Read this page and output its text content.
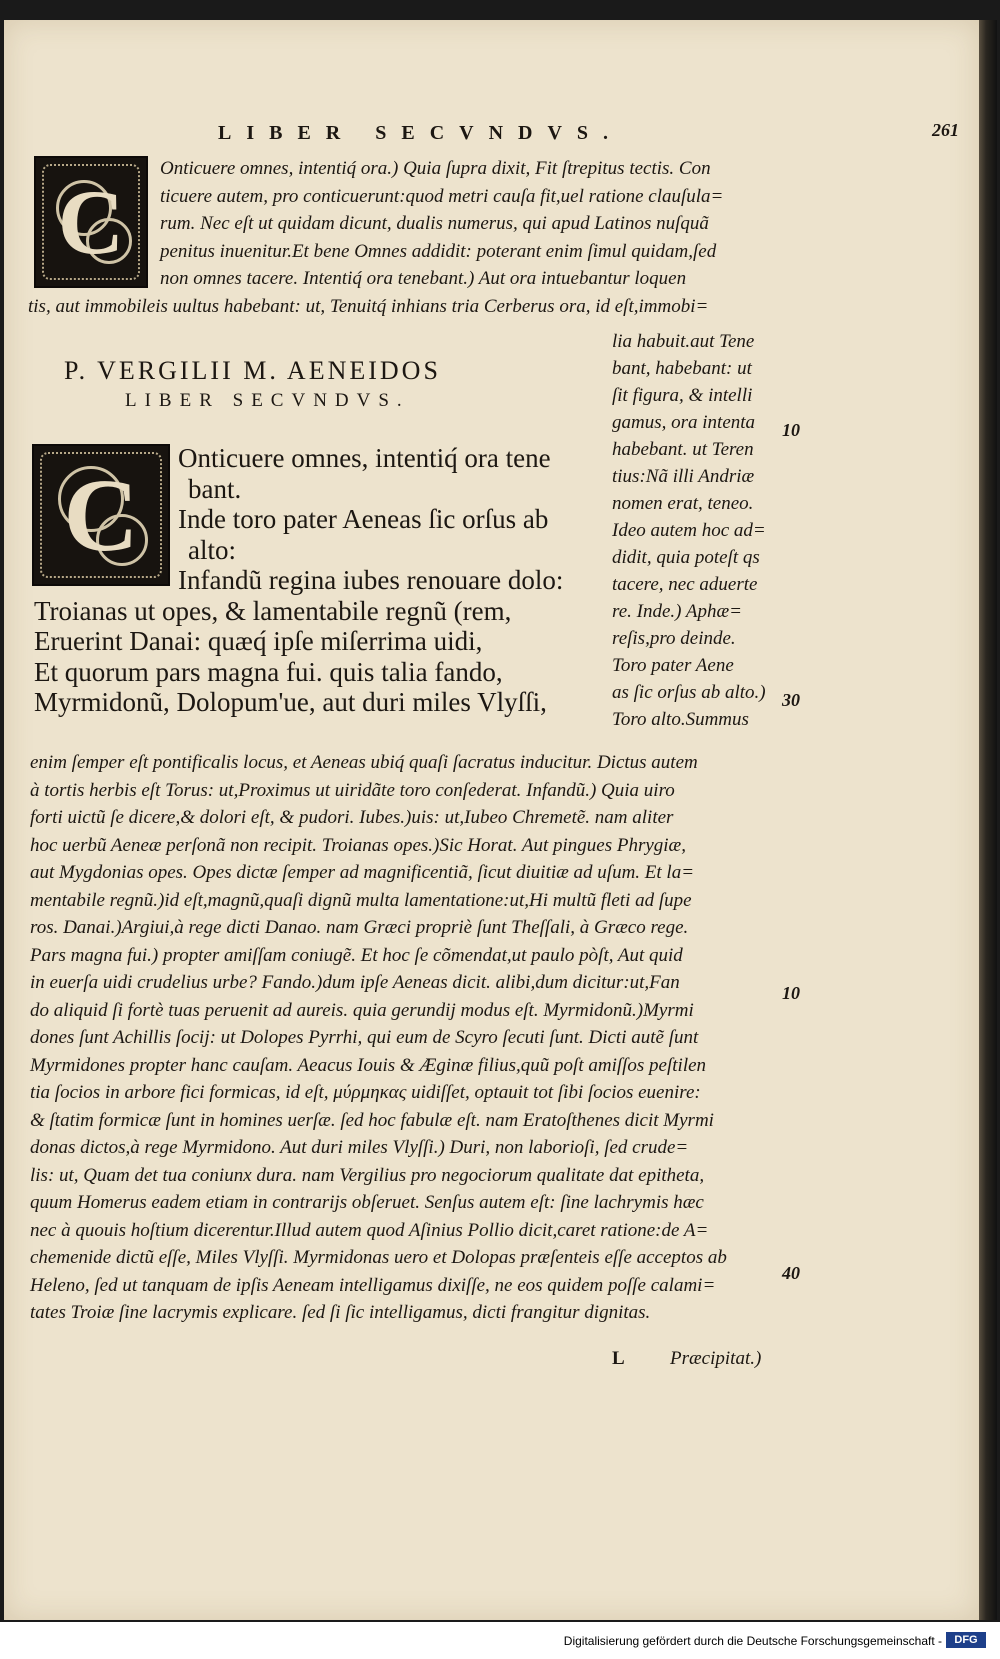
LIBER SECVNDVS.	261
C
Onticuere omnes, intentiq́ ora.) Quia ſupra dixit, Fit ſtrepitus tectis. Con
ticuere autem, pro conticuerunt:quod metri cauſa fit,uel ratione clauſula=
rum. Nec eſt ut quidam dicunt, dualis numerus, qui apud Latinos nuſquã
penitus inuenitur.Et bene Omnes addidit: poterant enim ſimul quidam,ſed
non omnes tacere. Intentiq́ ora tenebant.) Aut ora intuebantur loquen
tis, aut immobileis uultus habebant: ut, Tenuitq́ inhians tria Cerberus ora, id eſt,immobi=
P. VERGILII M. AENEIDOS
LIBER SECVNDVS.
C	Onticuere omnes, intentiq́ ora tene
bant.
Inde toro pater Aeneas ſic orſus ab
alto:
Infandũ regina iubes renouare dolo:
Troianas ut opes, & lamentabile regnũ (rem,
Eruerint Danai: quæq́ ipſe miſerrima uidi,
Et quorum pars magna fui. quis talia fando,
Myrmidonũ, Dolopum'ue, aut duri miles Vlyſſi,
lia habuit.aut Tene
bant, habebant: ut
ſit figura, & intelli
gamus, ora intenta
habebant. ut Teren
tius:Nã illi Andriæ
nomen erat, teneo.
Ideo autem hoc ad=
didit, quia poteſt qs
tacere, nec aduerte
re. Inde.) Aphæ=
reſis,pro deinde.
Toro pater Aene
as ſic orſus ab alto.)
Toro alto.Summus
10
30
10
40
enim ſemper eſt pontificalis locus, et Aeneas ubiq́ quaſi ſacratus inducitur. Dictus autem
à tortis herbis eſt Torus: ut,Proximus ut uiridãte toro conſederat. Infandũ.) Quia uiro
forti uictũ ſe dicere,& dolori eſt, & pudori. Iubes.)uis: ut,Iubeo Chremetẽ. nam aliter
hoc uerbũ Aeneæ perſonã non recipit. Troianas opes.)Sic Horat. Aut pingues Phrygiæ,
aut Mygdonias opes. Opes dictæ ſemper ad magnificentiã, ſicut diuitiæ ad uſum. Et la=
mentabile regnũ.)id eſt,magnũ,quaſi dignũ multa lamentatione:ut,Hi multũ fleti ad ſupe
ros. Danai.)Argiui,à rege dicti Danao. nam Græci propriè ſunt Theſſali, à Græco rege.
Pars magna fui.) propter amiſſam coniugẽ. Et hoc ſe cõmendat,ut paulo pòſt, Aut quid
in euerſa uidi crudelius urbe? Fando.)dum ipſe Aeneas dicit. alibi,dum dicitur:ut,Fan
do aliquid ſi fortè tuas peruenit ad aureis. quia gerundij modus eſt. Myrmidonũ.)Myrmi
dones ſunt Achillis ſocij: ut Dolopes Pyrrhi, qui eum de Scyro ſecuti ſunt. Dicti autẽ ſunt
Myrmidones propter hanc cauſam. Aeacus Iouis & Æginæ filius,quũ poſt amiſſos peſtilen
tia ſocios in arbore fici formicas, id eſt, μύρμηκας uidiſſet, optauit tot ſibi ſocios euenire:
& ſtatim formicæ ſunt in homines uerſæ. ſed hoc fabulæ eſt. nam Eratoſthenes dicit Myrmi
donas dictos,à rege Myrmidono. Aut duri miles Vlyſſi.) Duri, non laborioſi, ſed crude=
lis: ut, Quam det tua coniunx dura. nam Vergilius pro negociorum qualitate dat epitheta,
quum Homerus eadem etiam in contrarijs obſeruet. Senſus autem eſt: ſine lachrymis hæc
nec à quouis hoſtium dicerentur.Illud autem quod Aſinius Pollio dicit,caret ratione:de A=
chemenide dictũ eſſe, Miles Vlyſſi. Myrmidonas uero et Dolopas præſenteis eſſe acceptos ab
Heleno, ſed ut tanquam de ipſis Aeneam intelligamus dixiſſe, ne eos quidem poſſe calami=
tates Troiæ ſine lacrymis explicare. ſed ſi ſic intelligamus, dicti frangitur dignitas.
L Præcipitat.)
Digitalisierung gefördert durch die Deutsche Forschungsgemeinschaft -	DFG
